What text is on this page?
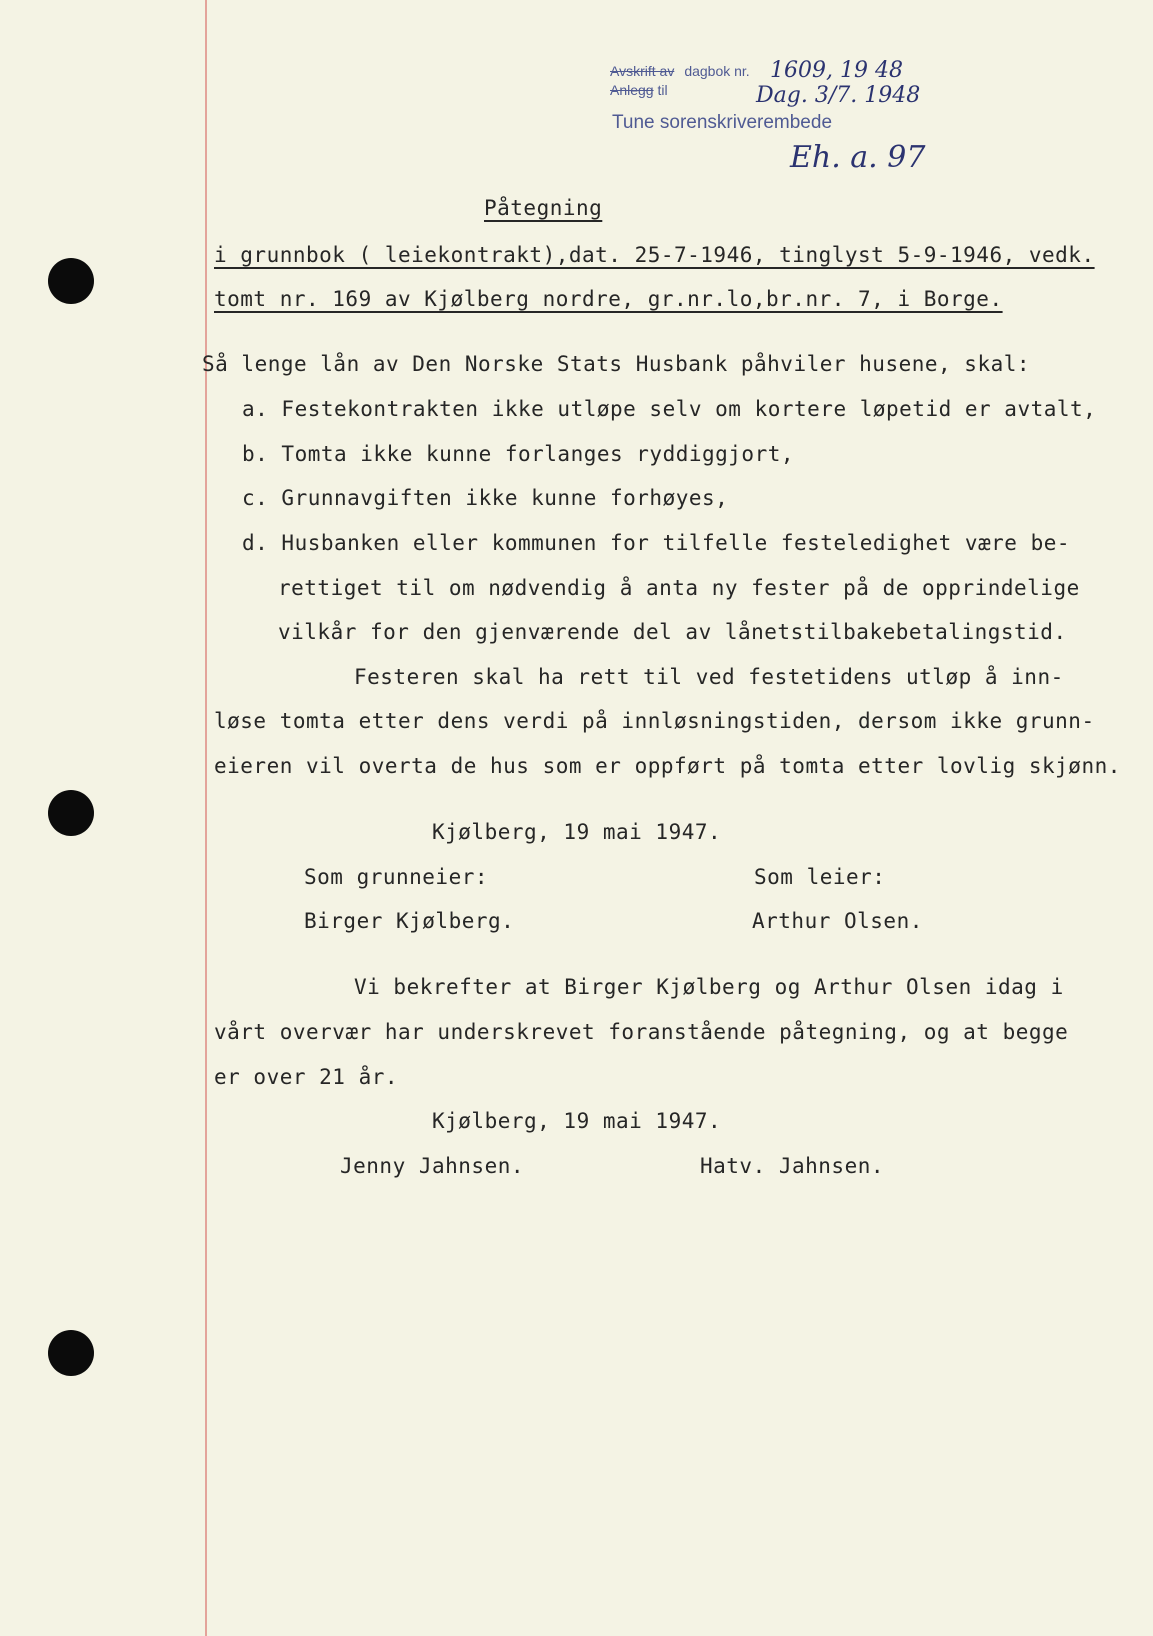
Avskrift av dagbok nr.
Anlegg til
Tune sorenskriverembede
1609, 19 48
Dag. 3/7. 1948
Eh. a. 97
Påtegning
i grunnbok ( leiekontrakt),dat. 25-7-1946, tinglyst 5-9-1946, vedk.
tomt nr. 169 av Kjølberg nordre, gr.nr.lo,br.nr. 7, i Borge.
Så lenge lån av Den Norske Stats Husbank påhviler husene, skal:
a. Festekontrakten ikke utløpe selv om kortere løpetid er avtalt,
b. Tomta ikke kunne forlanges ryddiggjort,
c. Grunnavgiften ikke kunne forhøyes,
d. Husbanken eller kommunen for tilfelle festeledighet være be-
rettiget til om nødvendig å anta ny fester på de opprindelige
vilkår for den gjenværende del av lånetstilbakebetalingstid.
Festeren skal ha rett til ved festetidens utløp å inn-
løse tomta etter dens verdi på innløsningstiden, dersom ikke grunn-
eieren vil overta de hus som er oppført på tomta etter lovlig skjønn.
Kjølberg, 19 mai 1947.
Som grunneier:	Som leier:
Birger Kjølberg.	Arthur Olsen.
Vi bekrefter at Birger Kjølberg og Arthur Olsen idag i
vårt overvær har underskrevet foranstående påtegning, og at begge
er over 21 år.
Kjølberg, 19 mai 1947.
Jenny Jahnsen.	Hatv. Jahnsen.
